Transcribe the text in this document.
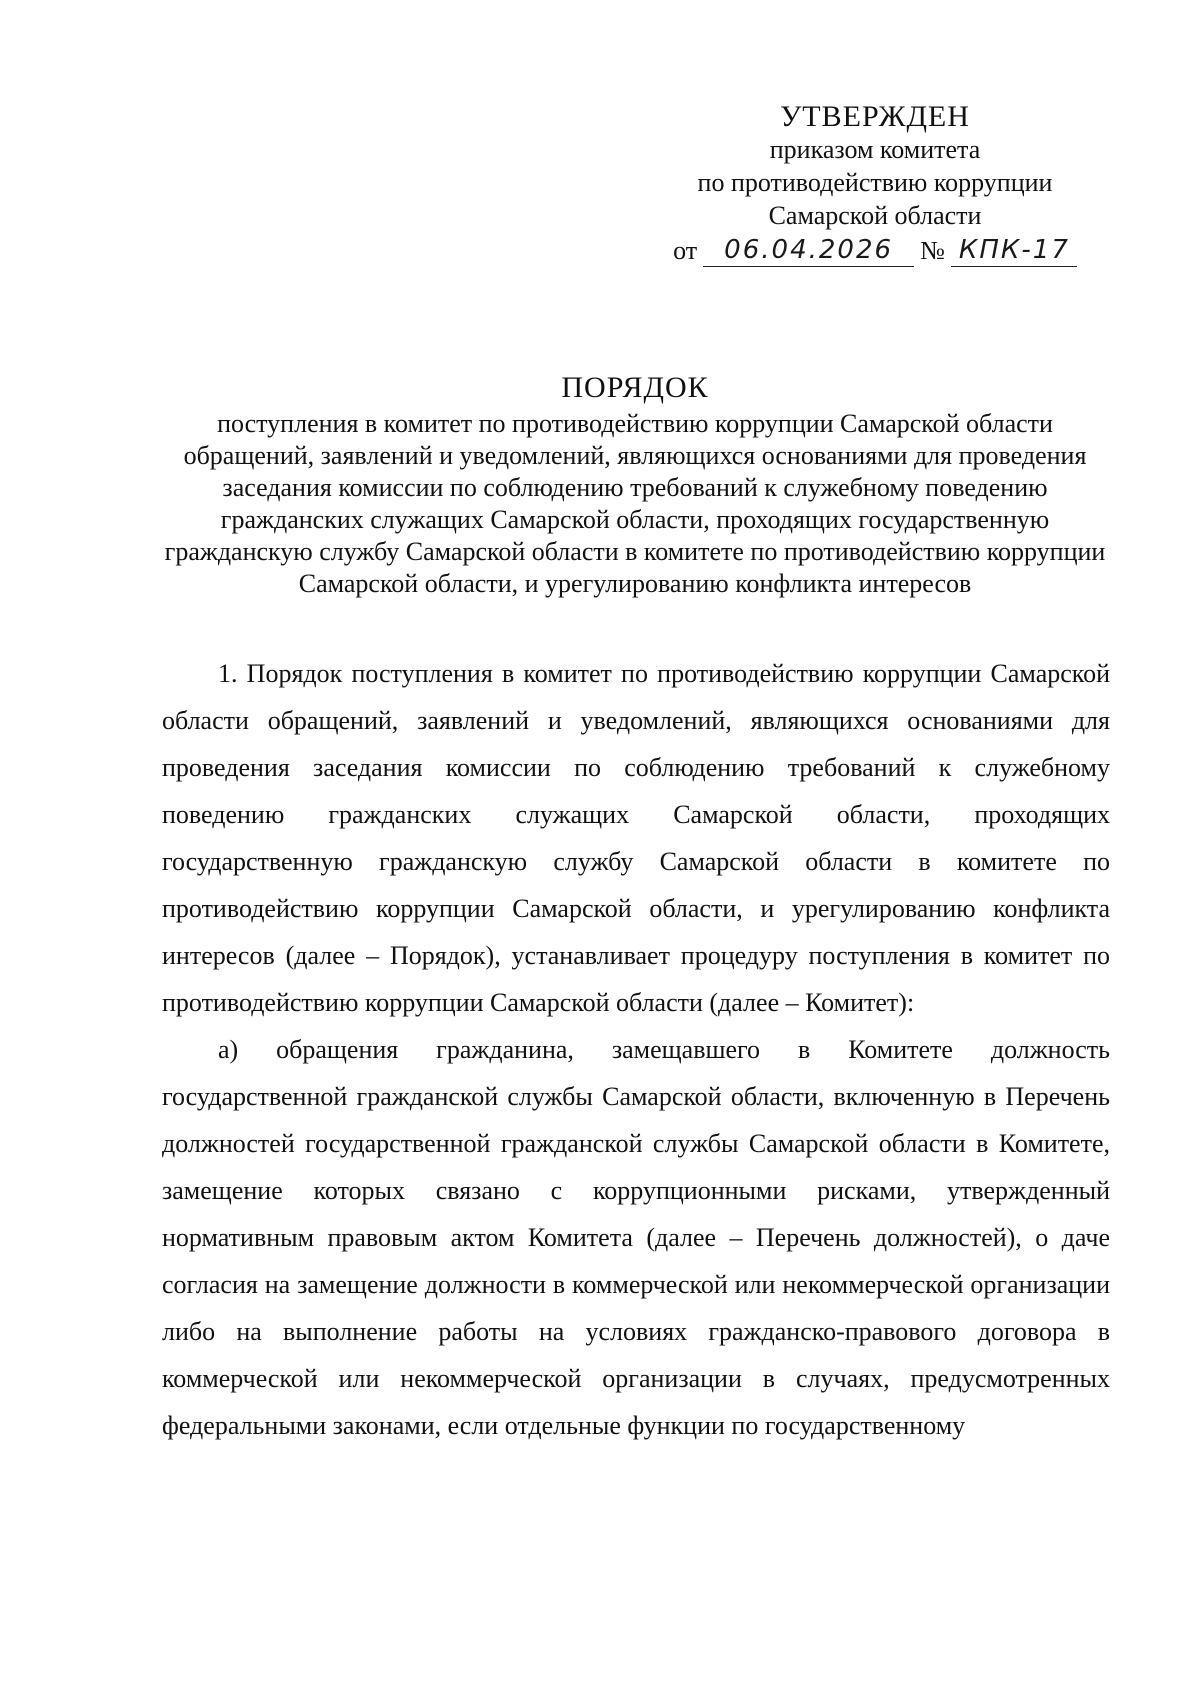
УТВЕРЖДЕН
приказом комитета
по противодействию коррупции
Самарской области
от	06.04.2026	№ КПК-17
ПОРЯДОК
поступления в комитет по противодействию коррупции Самарской области обращений, заявлений и уведомлений, являющихся основаниями для проведения заседания комиссии по соблюдению требований к служебному поведению гражданских служащих Самарской области, проходящих государственную гражданскую службу Самарской области в комитете по противодействию коррупции Самарской области, и урегулированию конфликта интересов

1. Порядок поступления в комитет по противодействию коррупции Самарской области обращений, заявлений и уведомлений, являющихся основаниями для проведения заседания комиссии по соблюдению требований к служебному поведению гражданских служащих Самарской области, проходящих государственную гражданскую службу Самарской области в комитете по противодействию коррупции Самарской области, и урегулированию конфликта интересов (далее – Порядок), устанавливает процедуру поступления в комитет по противодействию коррупции Самарской области (далее – Комитет):

а) обращения гражданина, замещавшего в Комитете должность государственной гражданской службы Самарской области, включенную в Перечень должностей государственной гражданской службы Самарской области в Комитете, замещение которых связано с коррупционными рисками, утвержденный нормативным правовым актом Комитета (далее – Перечень должностей), о даче согласия на замещение должности в коммерческой или некоммерческой организации либо на выполнение работы на условиях гражданско-правового договора в коммерческой или некоммерческой организации в случаях, предусмотренных федеральными законами, если отдельные функции по государственному
